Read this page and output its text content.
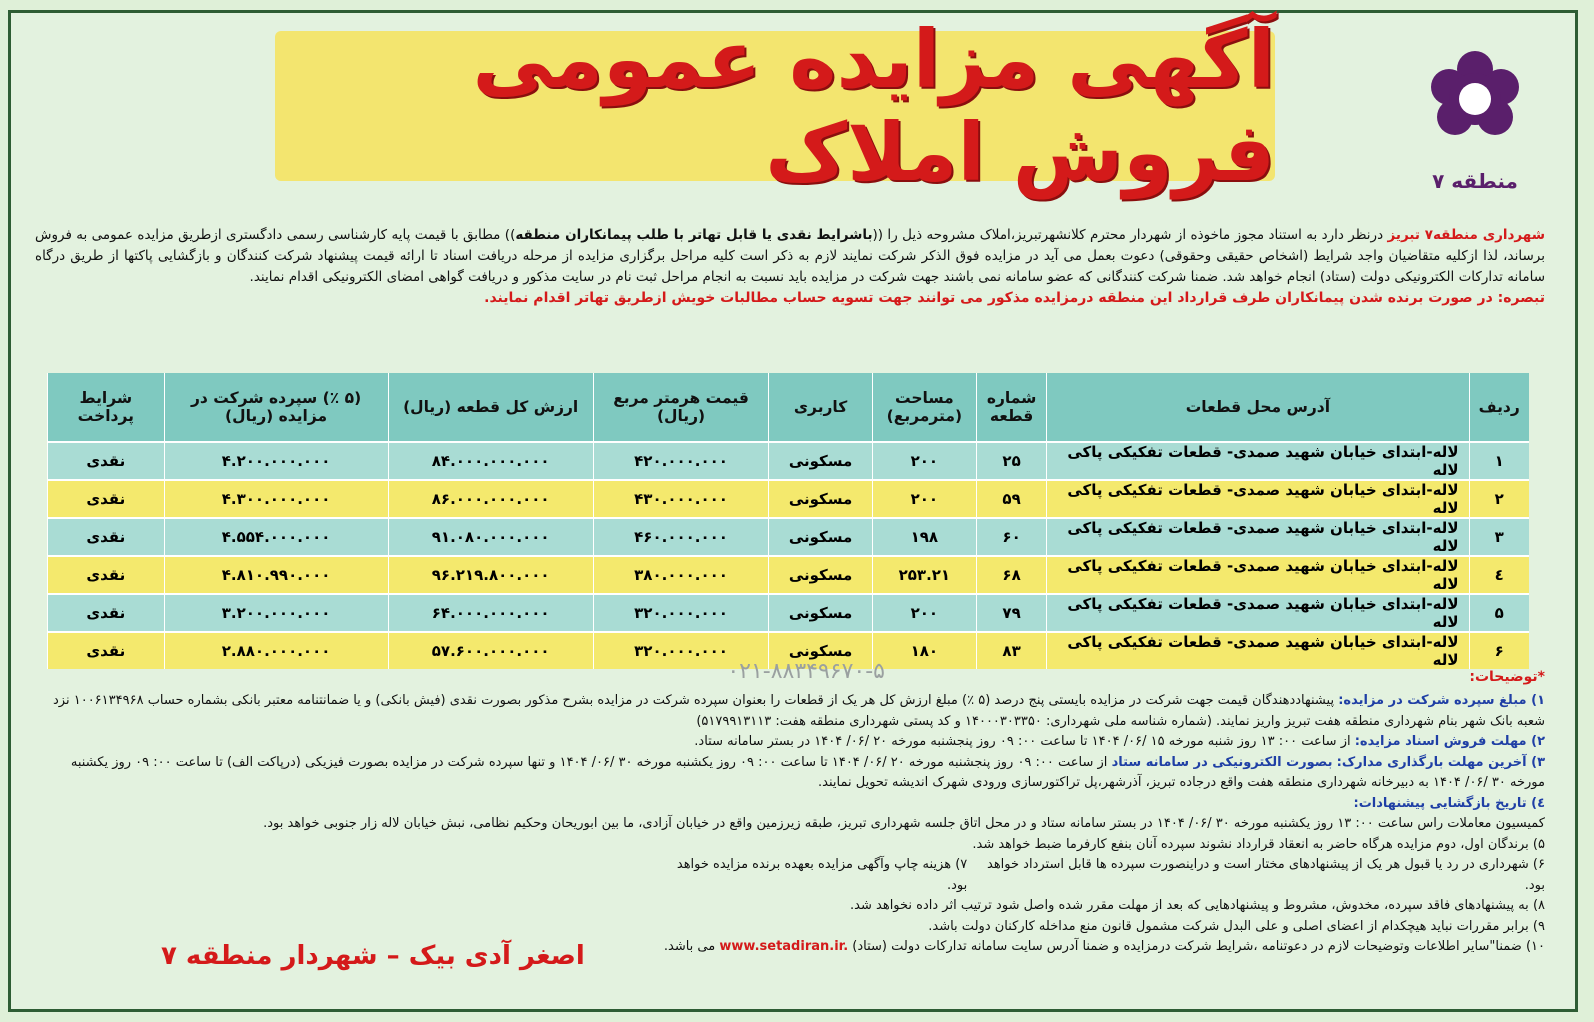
آگهی مزایده عمومی فروش املاک	منطقه ۷
شهرداری منطقه۷ تبریز درنظر دارد به استناد مجوز ماخوذه از شهردار محترم کلانشهرتبریز،املاک مشروحه ذیل را ((باشرایط نقدی یا قابل تهاتر با طلب پیمانکاران منطقه)) مطابق با قیمت پایه کارشناسی رسمی دادگستری ازطریق مزایده عمومی به فروش برساند، لذا ازکلیه متقاضیان واجد شرایط (اشخاص حقیقی وحقوقی) دعوت بعمل می آید در مزایده فوق الذکر شرکت نمایند لازم به ذکر است کلیه مراحل برگزاری مزایده از مرحله دریافت اسناد تا ارائه قیمت پیشنهاد شرکت کنندگان و بازگشایی پاکتها از طریق درگاه سامانه تدارکات الکترونیکی دولت (ستاد) انجام خواهد شد. ضمنا شرکت کنندگانی که عضو سامانه نمی باشند جهت شرکت در مزایده باید نسبت به انجام مراحل ثبت نام در سایت مذکور و دریافت گواهی امضای الکترونیکی اقدام نمایند.
تبصره: در صورت برنده شدن پیمانکاران طرف قرارداد این منطقه درمزایده مذکور می توانند جهت تسویه حساب مطالبات خویش ازطریق تهاتر اقدام نمایند.
ردیف	آدرس محل قطعات	شماره قطعه	مساحت (مترمربع)	کاربری	قیمت هرمتر مربع (ریال)	ارزش کل قطعه (ریال)	(۵ ٪) سپرده شرکت در مزایده (ریال)	شرایط پرداخت
۱	لاله-ابتدای خیابان شهید صمدی- قطعات تفکیکی پاکی لاله	۲۵	۲۰۰	مسکونی	۴۲۰.۰۰۰.۰۰۰	۸۴.۰۰۰.۰۰۰.۰۰۰	۴.۲۰۰.۰۰۰.۰۰۰	نقدی
۲	لاله-ابتدای خیابان شهید صمدی- قطعات تفکیکی پاکی لاله	۵۹	۲۰۰	مسکونی	۴۳۰.۰۰۰.۰۰۰	۸۶.۰۰۰.۰۰۰.۰۰۰	۴.۳۰۰.۰۰۰.۰۰۰	نقدی
۳	لاله-ابتدای خیابان شهید صمدی- قطعات تفکیکی پاکی لاله	۶۰	۱۹۸	مسکونی	۴۶۰.۰۰۰.۰۰۰	۹۱.۰۸۰.۰۰۰.۰۰۰	۴.۵۵۴.۰۰۰.۰۰۰	نقدی
٤	لاله-ابتدای خیابان شهید صمدی- قطعات تفکیکی پاکی لاله	۶۸	۲۵۳.۲۱	مسکونی	۳۸۰.۰۰۰.۰۰۰	۹۶.۲۱۹.۸۰۰.۰۰۰	۴.۸۱۰.۹۹۰.۰۰۰	نقدی
۵	لاله-ابتدای خیابان شهید صمدی- قطعات تفکیکی پاکی لاله	۷۹	۲۰۰	مسکونی	۳۲۰.۰۰۰.۰۰۰	۶۴.۰۰۰.۰۰۰.۰۰۰	۳.۲۰۰.۰۰۰.۰۰۰	نقدی
۶	لاله-ابتدای خیابان شهید صمدی- قطعات تفکیکی پاکی لاله	۸۳	۱۸۰	مسکونی	۳۲۰.۰۰۰.۰۰۰	۵۷.۶۰۰.۰۰۰.۰۰۰	۲.۸۸۰.۰۰۰.۰۰۰	نقدی
۰۲۱-۸۸۳۴۹۶۷۰-۵	*توضیحات:
۱) مبلغ سپرده شرکت در مزایده: پیشنهاددهندگان قیمت جهت شرکت در مزایده بایستی پنج درصد (۵ ٪) مبلغ ارزش کل هر یک از قطعات را بعنوان سپرده شرکت در مزایده بشرح مذکور بصورت نقدی (فیش بانکی) و یا ضمانتنامه معتبر بانکی بشماره حساب ۱۰۰۶۱۳۴۹۶۸ نزد شعبه بانک شهر بنام شهرداری منطقه هفت تبریز واریز نمایند. (شماره شناسه ملی شهرداری: ۱۴۰۰۰۳۰۳۳۵۰ و کد پستی شهرداری منطقه هفت: ۵۱۷۹۹۱۳۱۱۳)
۲) مهلت فروش اسناد مزایده: از ساعت ۰۰: ۱۳ روز شنبه مورخه ۱۵ /۰۶/ ۱۴۰۴ تا ساعت ۰۰: ۰۹ روز پنجشنبه مورخه ۲۰ /۰۶/ ۱۴۰۴ در بستر سامانه ستاد.
۳) آخرین مهلت بارگذاری مدارک: بصورت الکترونیکی در سامانه ستاد از ساعت ۰۰: ۰۹ روز پنجشنبه مورخه ۲۰ /۰۶/ ۱۴۰۴ تا ساعت ۰۰: ۰۹ روز یکشنبه مورخه ۳۰ /۰۶/ ۱۴۰۴ و تنها سپرده شرکت در مزایده بصورت فیزیکی (درپاکت الف) تا ساعت ۰۰: ۰۹ روز یکشنبه مورخه ۳۰ /۰۶/ ۱۴۰۴ به دبیرخانه شهرداری منطقه هفت واقع درجاده تبریز، آذرشهر،پل تراکتورسازی ورودی شهرک اندیشه تحویل نمایند.
٤) تاریخ بازگشایی پیشنهادات:
کمیسیون معاملات راس ساعت ۰۰: ۱۳ روز یکشنبه مورخه ۳۰ /۰۶/ ۱۴۰۴ در بستر سامانه ستاد و در محل اتاق جلسه شهرداری تبریز، طبقه زیرزمین واقع در خیابان آزادی، ما بین ابوریحان وحکیم نظامی، نبش خیابان لاله زار جنوبی خواهد بود.
۵) برندگان اول، دوم مزایده هرگاه حاضر به انعقاد قرارداد نشوند سپرده آنان بنفع کارفرما ضبط خواهد شد.
۶) شهرداری در رد یا قبول هر یک از پیشنهادهای مختار است و دراینصورت سپرده ها قابل استرداد خواهد بود.
۷) هزینه چاپ وآگهی مزایده بعهده برنده مزایده خواهد بود.
۸) به پیشنهادهای فاقد سپرده، مخدوش، مشروط و پیشنهادهایی که بعد از مهلت مقرر شده واصل شود ترتیب اثر داده نخواهد شد.
۹) برابر مقررات نباید هیچکدام از اعضای اصلی و علی البدل شرکت مشمول قانون منع مداخله کارکنان دولت باشد.
۱۰) ضمنا"سایر اطلاعات وتوضیحات لازم در دعوتنامه ،شرایط شرکت درمزایده و ضمنا آدرس سایت سامانه تدارکات دولت (ستاد) www.setadiran.ir. می باشد.
اصغر آدی بیک – شهردار منطقه ۷
